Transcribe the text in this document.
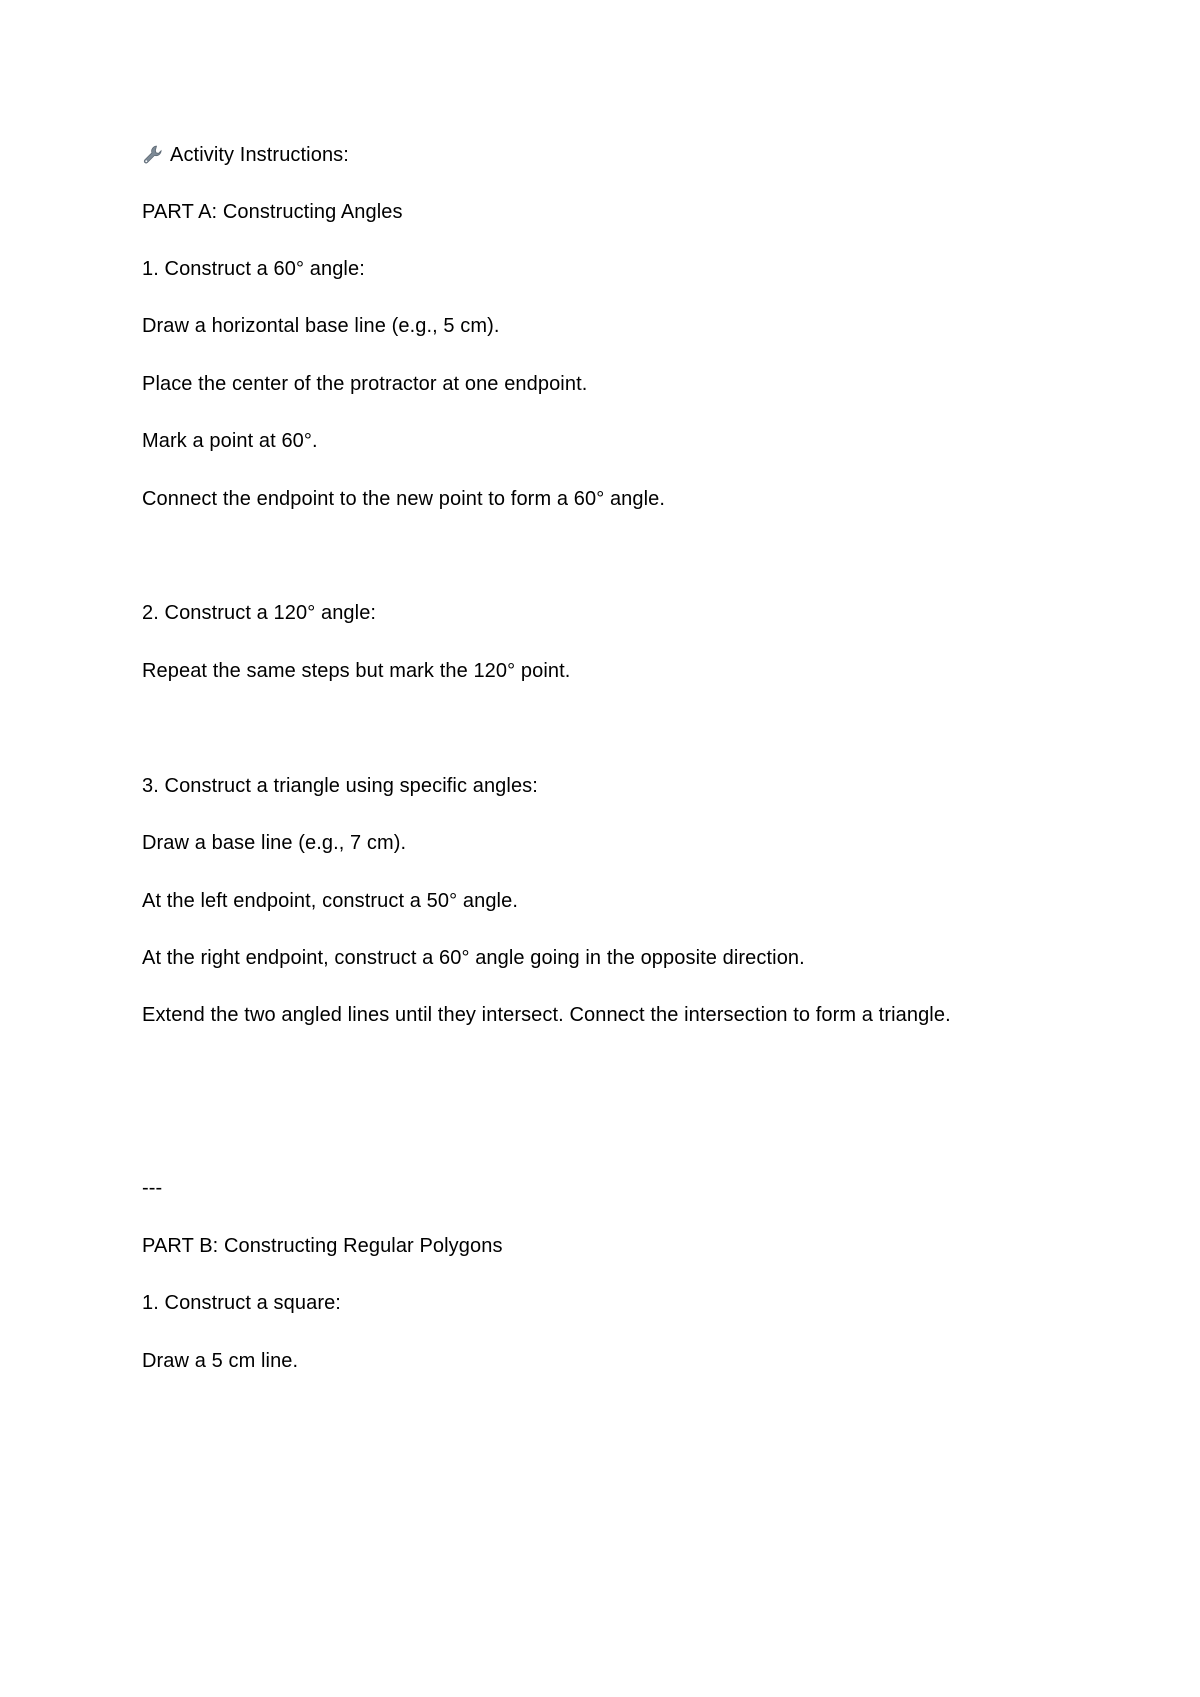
Activity Instructions:
PART A: Constructing Angles
1. Construct a 60° angle:
Draw a horizontal base line (e.g., 5 cm).
Place the center of the protractor at one endpoint.
Mark a point at 60°.
Connect the endpoint to the new point to form a 60° angle.
2. Construct a 120° angle:
Repeat the same steps but mark the 120° point.
3. Construct a triangle using specific angles:
Draw a base line (e.g., 7 cm).
At the left endpoint, construct a 50° angle.
At the right endpoint, construct a 60° angle going in the opposite direction.
Extend the two angled lines until they intersect. Connect the intersection to form a triangle.
---
PART B: Constructing Regular Polygons
1. Construct a square:
Draw a 5 cm line.
